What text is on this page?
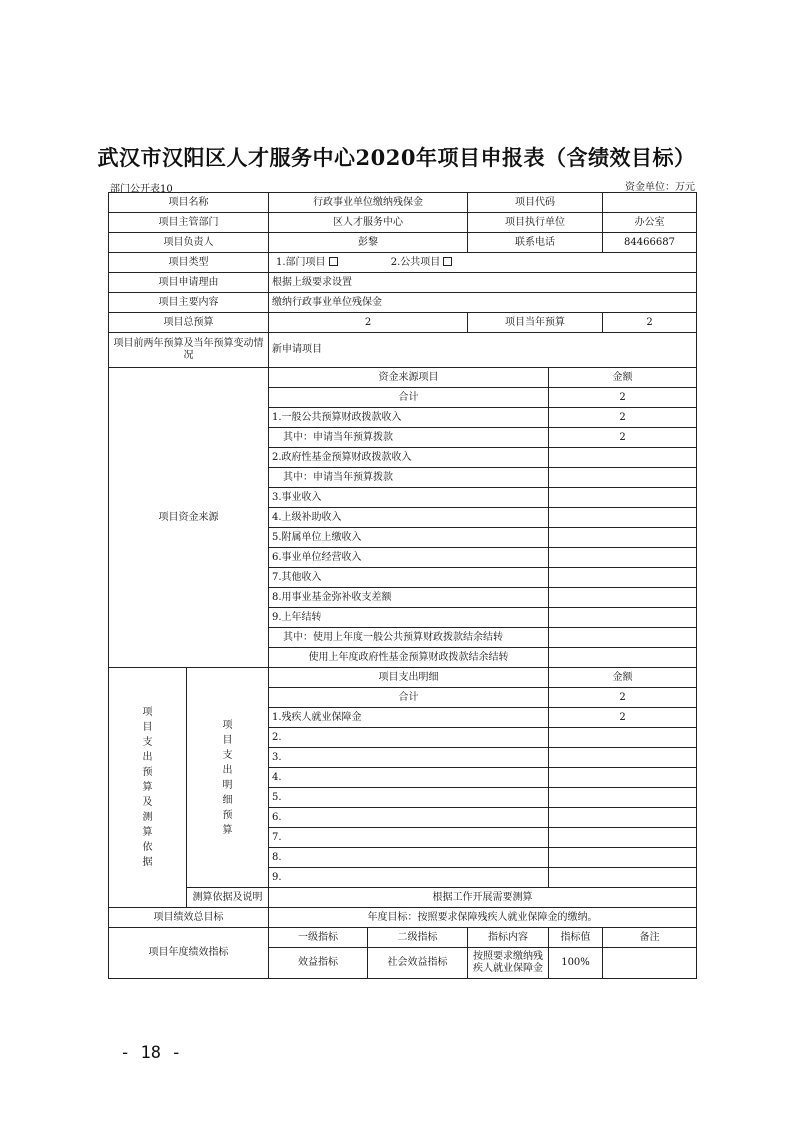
武汉市汉阳区人才服务中心2020年项目申报表（含绩效目标）
部门公开表10	资金单位：万元
项目名称		行政事业单位缴纳残保金		项目代码		
项目主管部门		区人才服务中心		项目执行单位		办公室
项目负责人		彭黎		联系电话		84466687
项目类型		1.部门项目 2.公共项目				
项目申请理由		根据上级要求设置				
项目主要内容		缴纳行政事业单位残保金				
项目总预算		2		项目当年预算		2
项目前两年预算及当年预算变动情况		新申请项目				
项目资金来源		资金来源项目			金额	
		合计			2	
		1.一般公共预算财政拨款收入			2	
		其中：申请当年预算拨款			2	
		2.政府性基金预算财政拨款收入				
		其中：申请当年预算拨款				
		3.事业收入				
		4.上级补助收入				
		5.附属单位上缴收入				
		6.事业单位经营收入				
		7.其他收入				
		8.用事业基金弥补收支差额				
		9.上年结转				
		其中：使用上年度一般公共预算财政拨款结余结转				
		使用上年度政府性基金预算财政拨款结余结转				
项目支出预算及测算依据	项目支出明细预算	项目支出明细			金额	
		合计			2	
		1.残疾人就业保障金			2	
		2.				
		3.				
		4.				
		5.				
		6.				
		7.				
		8.				
		9.				
	测算依据及说明	根据工作开展需要测算				
项目绩效总目标		年度目标：按照要求保障残疾人就业保障金的缴纳。				
项目年度绩效指标		一级指标	二级指标	指标内容	指标值	备注
		效益指标	社会效益指标	按照要求缴纳残疾人就业保障金	100%	
- 18 -
